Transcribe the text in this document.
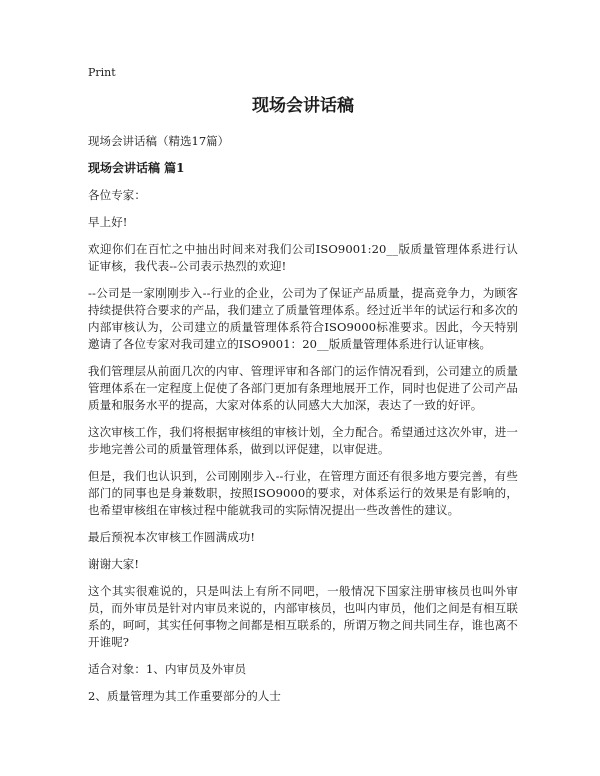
Print

现场会讲话稿

现场会讲话稿（精选17篇）

现场会讲话稿 篇1

各位专家：

早上好!

欢迎你们在百忙之中抽出时间来对我们公司ISO9001:20__版质量管理体系进行认证审核，我代表--公司表示热烈的欢迎!

--公司是一家刚刚步入--行业的企业，公司为了保证产品质量，提高竞争力，为顾客持续提供符合要求的产品，我们建立了质量管理体系。经过近半年的试运行和多次的内部审核认为，公司建立的质量管理体系符合ISO9000标准要求。因此，今天特别邀请了各位专家对我司建立的ISO9001：20__版质量管理体系进行认证审核。

我们管理层从前面几次的内审、管理评审和各部门的运作情况看到，公司建立的质量管理体系在一定程度上促使了各部门更加有条理地展开工作，同时也促进了公司产品质量和服务水平的提高，大家对体系的认同感大大加深，表达了一致的好评。

这次审核工作，我们将根据审核组的审核计划，全力配合。希望通过这次外审，进一步地完善公司的质量管理体系，做到以评促建，以审促进。

但是，我们也认识到，公司刚刚步入--行业，在管理方面还有很多地方要完善，有些部门的同事也是身兼数职，按照ISO9000的要求，对体系运行的效果是有影响的，也希望审核组在审核过程中能就我司的实际情况提出一些改善性的建议。

最后预祝本次审核工作圆满成功!

谢谢大家!

这个其实很难说的，只是叫法上有所不同吧，一般情况下国家注册审核员也叫外审员，而外审员是针对内审员来说的，内部审核员，也叫内审员，他们之间是有相互联系的，呵呵，其实任何事物之间都是相互联系的，所谓万物之间共同生存，谁也离不开谁呢?

适合对象：1、内审员及外审员

2、质量管理为其工作重要部分的人士
